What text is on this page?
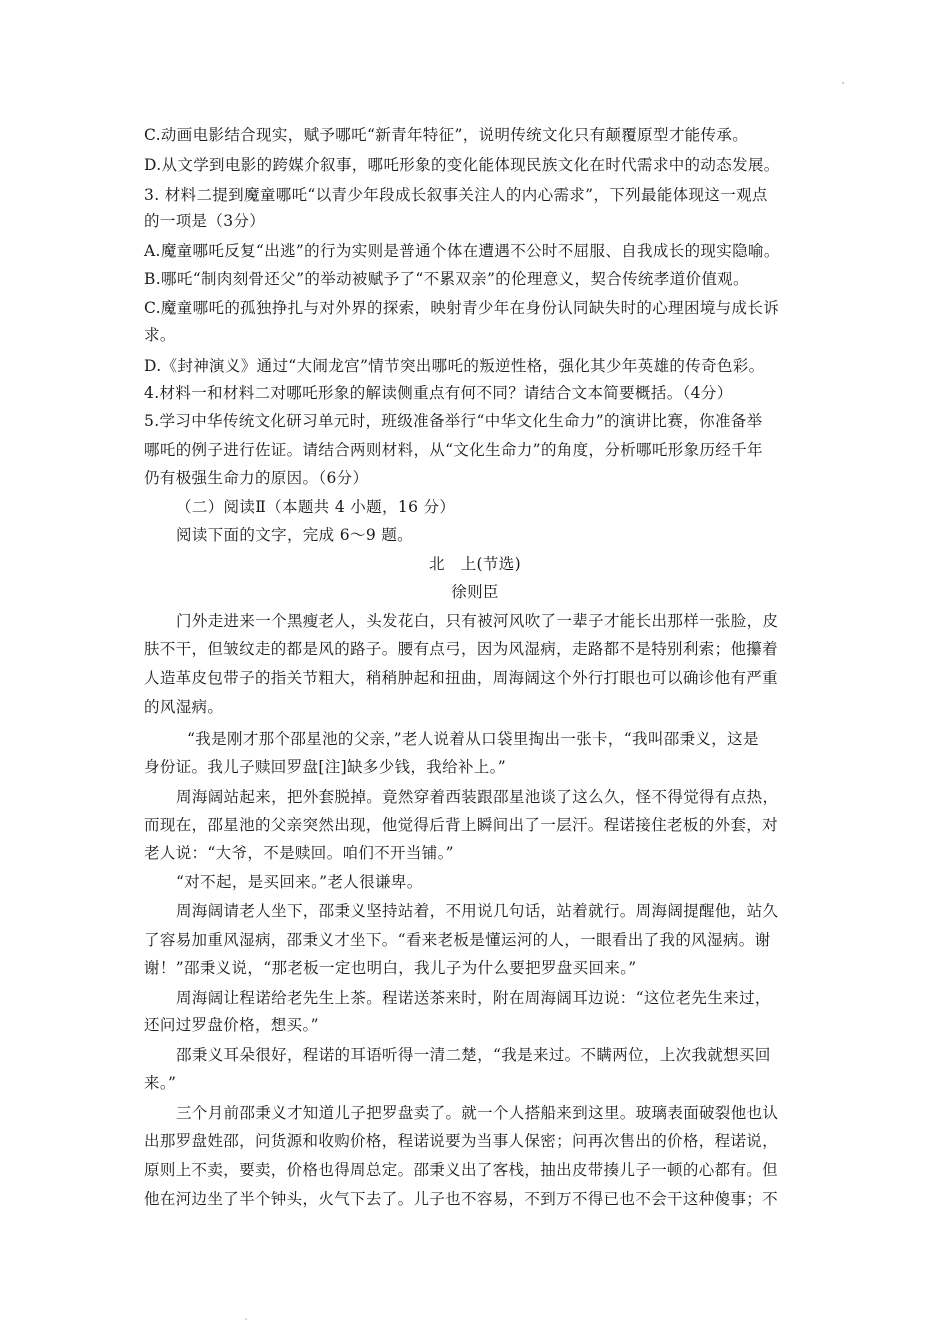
C.动画电影结合现实，赋予哪吒“新青年特征”，说明传统文化只有颠覆原型才能传承。
D.从文学到电影的跨媒介叙事，哪吒形象的变化能体现民族文化在时代需求中的动态发展。
3. 材料二提到魔童哪吒“以青少年段成长叙事关注人的内心需求”，下列最能体现这一观点
的一项是（3分）
A.魔童哪吒反复“出逃”的行为实则是普通个体在遭遇不公时不屈服、自我成长的现实隐喻。
B.哪吒“制肉刻骨还父”的举动被赋予了“不累双亲”的伦理意义，契合传统孝道价值观。
C.魔童哪吒的孤独挣扎与对外界的探索，映射青少年在身份认同缺失时的心理困境与成长诉
求。
D.《封神演义》通过“大闹龙宫”情节突出哪吒的叛逆性格，强化其少年英雄的传奇色彩。
4.材料一和材料二对哪吒形象的解读侧重点有何不同？请结合文本简要概括。（4分）
5.学习中华传统文化研习单元时，班级准备举行“中华文化生命力”的演讲比赛，你准备举
哪吒的例子进行佐证。请结合两则材料，从“文化生命力”的角度，分析哪吒形象历经千年
仍有极强生命力的原因。（6分）
（二）阅读Ⅱ（本题共 4 小题，16 分）
阅读下面的文字，完成 6～9 题。
北　上(节选)
徐则臣
门外走进来一个黑瘦老人，头发花白，只有被河风吹了一辈子才能长出那样一张脸，皮
肤不干，但皱纹走的都是风的路子。腰有点弓，因为风湿病，走路都不是特别利索；他攥着
人造革皮包带子的指关节粗大，稍稍肿起和扭曲，周海阔这个外行打眼也可以确诊他有严重
的风湿病。
“我是刚才那个邵星池的父亲，”老人说着从口袋里掏出一张卡，“我叫邵秉义，这是
身份证。我儿子赎回罗盘[注]缺多少钱，我给补上。”
周海阔站起来，把外套脱掉。竟然穿着西装跟邵星池谈了这么久，怪不得觉得有点热，
而现在，邵星池的父亲突然出现，他觉得后背上瞬间出了一层汗。程诺接住老板的外套，对
老人说：“大爷，不是赎回。咱们不开当铺。”
“对不起，是买回来。”老人很谦卑。
周海阔请老人坐下，邵秉义坚持站着，不用说几句话，站着就行。周海阔提醒他，站久
了容易加重风湿病，邵秉义才坐下。“看来老板是懂运河的人，一眼看出了我的风湿病。谢
谢！”邵秉义说，“那老板一定也明白，我儿子为什么要把罗盘买回来。”
周海阔让程诺给老先生上茶。程诺送茶来时，附在周海阔耳边说：“这位老先生来过，
还问过罗盘价格，想买。”
邵秉义耳朵很好，程诺的耳语听得一清二楚，“我是来过。不瞒两位，上次我就想买回
来。”
三个月前邵秉义才知道儿子把罗盘卖了。就一个人搭船来到这里。玻璃表面破裂他也认
出那罗盘姓邵，问货源和收购价格，程诺说要为当事人保密；问再次售出的价格，程诺说，
原则上不卖，要卖，价格也得周总定。邵秉义出了客栈，抽出皮带揍儿子一顿的心都有。但
他在河边坐了半个钟头，火气下去了。儿子也不容易，不到万不得已也不会干这种傻事；不
